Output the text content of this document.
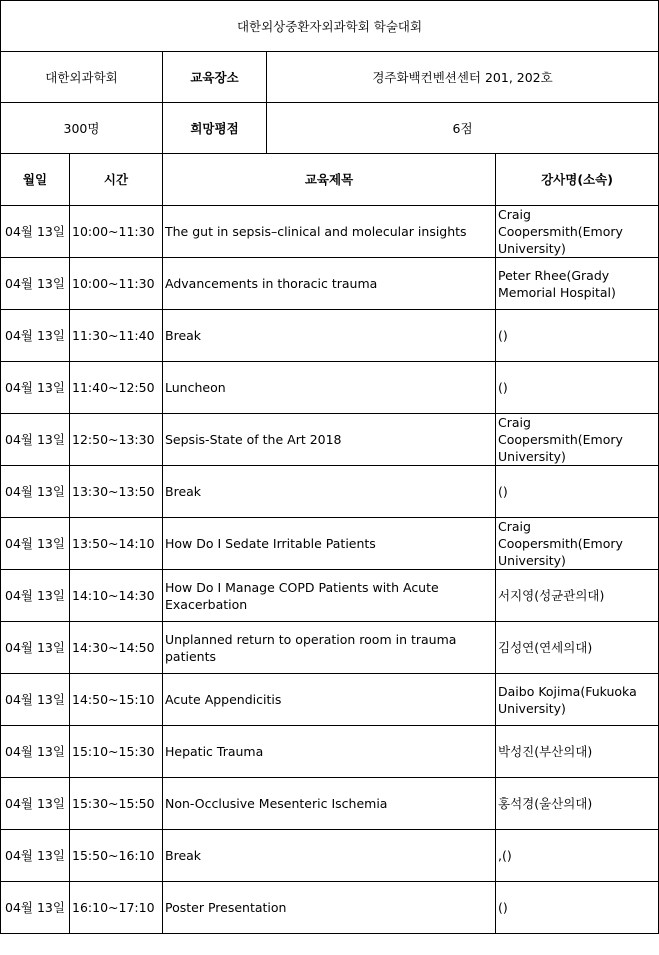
대한외상중환자외과학회 학술대회				
대한외과학회		교육장소	경주화백컨벤션센터 201, 202호	
300명		희망평점	6점	
월일	시간	교육제목		강사명(소속)
04월 13일	10:00~11:30	The gut in sepsis–clinical and molecular insights		Craig Coopersmith(Emory University)
04월 13일	10:00~11:30	Advancements in thoracic trauma		Peter Rhee(Grady Memorial Hospital)
04월 13일	11:30~11:40	Break		()
04월 13일	11:40~12:50	Luncheon		()
04월 13일	12:50~13:30	Sepsis-State of the Art 2018		Craig Coopersmith(Emory University)
04월 13일	13:30~13:50	Break		()
04월 13일	13:50~14:10	How Do I Sedate Irritable Patients		Craig Coopersmith(Emory University)
04월 13일	14:10~14:30	How Do I Manage COPD Patients with Acute Exacerbation		서지영(성균관의대)
04월 13일	14:30~14:50	Unplanned return to operation room in trauma patients		김성연(연세의대)
04월 13일	14:50~15:10	Acute Appendicitis		Daibo Kojima(Fukuoka University)
04월 13일	15:10~15:30	Hepatic Trauma		박성진(부산의대)
04월 13일	15:30~15:50	Non-Occlusive Mesenteric Ischemia		홍석경(울산의대)
04월 13일	15:50~16:10	Break		,()
04월 13일	16:10~17:10	Poster Presentation		()
